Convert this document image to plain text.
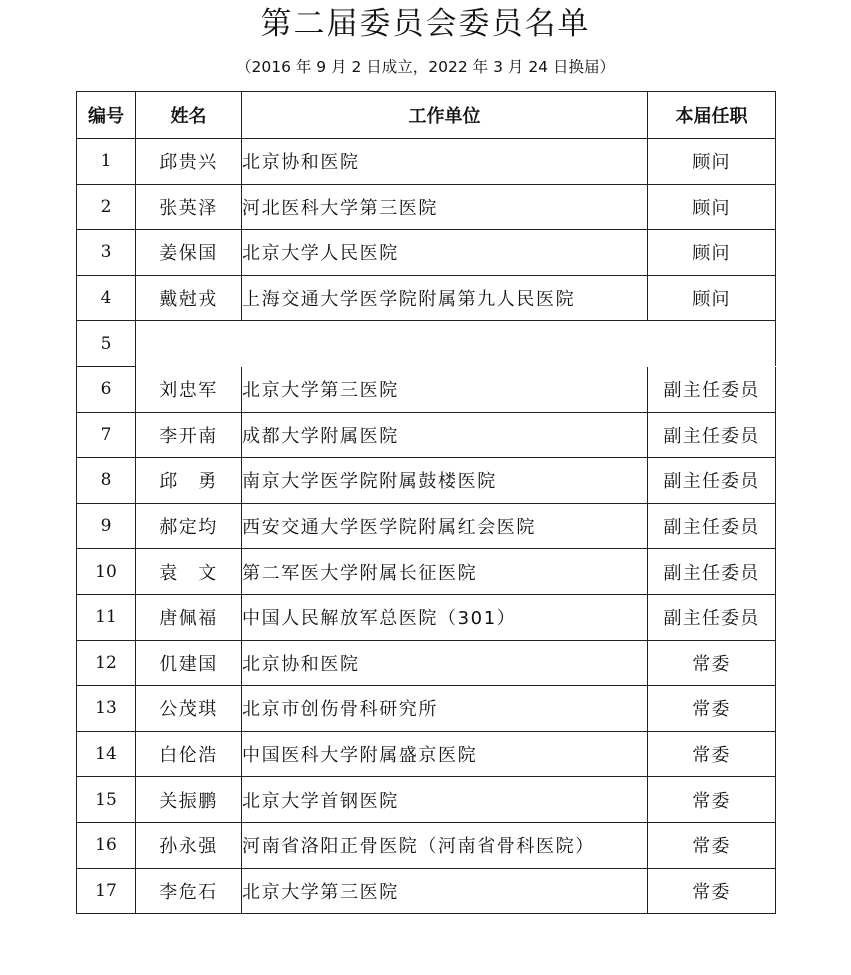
第二届委员会委员名单
（2016 年 9 月 2 日成立，2022 年 3 月 24 日换届）
编号	姓名	工作单位	本届任职
1	邱贵兴	北京协和医院	顾问
2	张英泽	河北医科大学第三医院	顾问
3	姜保国	北京大学人民医院	顾问
4	戴尅戎	上海交通大学医学院附属第九人民医院	顾问
5			
6	刘忠军	北京大学第三医院	副主任委员
7	李开南	成都大学附属医院	副主任委员
8	邱　勇	南京大学医学院附属鼓楼医院	副主任委员
9	郝定均	西安交通大学医学院附属红会医院	副主任委员
10	袁　文	第二军医大学附属长征医院	副主任委员
11	唐佩福	中国人民解放军总医院（301）	副主任委员
12	仉建国	北京协和医院	常委
13	公茂琪	北京市创伤骨科研究所	常委
14	白伦浩	中国医科大学附属盛京医院	常委
15	关振鹏	北京大学首钢医院	常委
16	孙永强	河南省洛阳正骨医院（河南省骨科医院）	常委
17	李危石	北京大学第三医院	常委
